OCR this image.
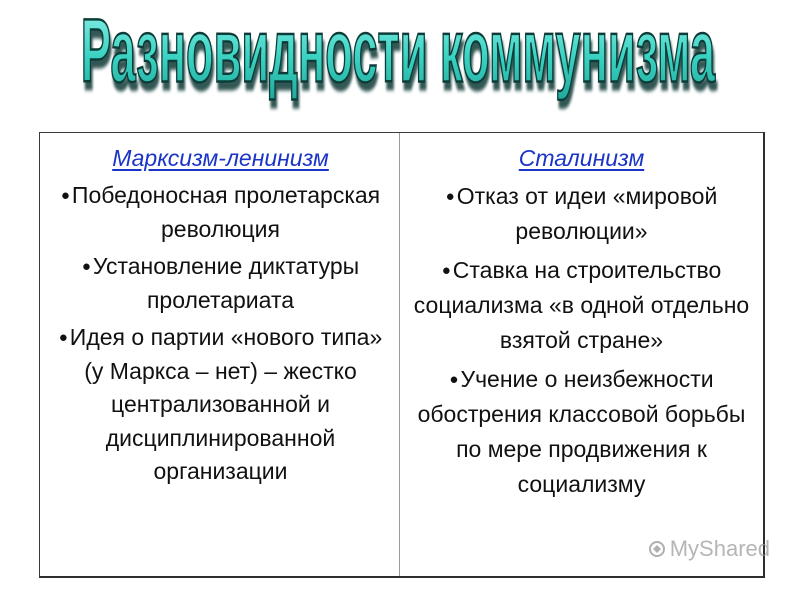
Разновидности коммунизма
Марксизм-ленинизм
●Победоносная пролетарская революция
●Установление диктатуры пролетариата
●Идея о партии «нового типа» (у Маркса – нет) – жестко централизованной и дисциплинированной организации
Сталинизм
●Отказ от идеи «мировой революции»
●Ставка на строительство социализма «в одной отдельно взятой стране»
●Учение о неизбежности обострения классовой борьбы по мере продвижения к социализму
MyShared
